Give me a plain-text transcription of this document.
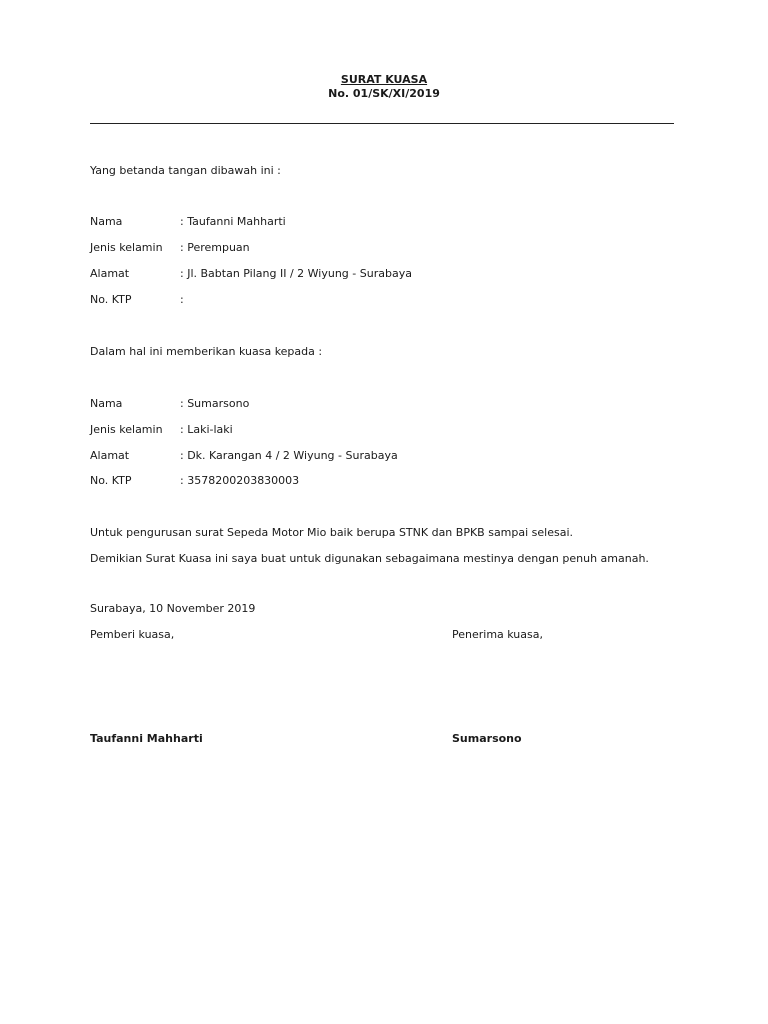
SURAT KUASA
No. 01/SK/XI/2019
Yang betanda tangan dibawah ini :
Nama	: Taufanni Mahharti
Jenis kelamin : Perempuan
Alamat	: Jl. Babtan Pilang II / 2 Wiyung - Surabaya
No. KTP	:
Dalam hal ini memberikan kuasa kepada :
Nama	: Sumarsono
Jenis kelamin : Laki-laki
Alamat	: Dk. Karangan 4 / 2 Wiyung - Surabaya
No. KTP	: 3578200203830003
Untuk pengurusan surat Sepeda Motor Mio baik berupa STNK dan BPKB sampai selesai.
Demikian Surat Kuasa ini saya buat untuk digunakan sebagaimana mestinya dengan penuh amanah.
Surabaya, 10 November 2019
Pemberi kuasa,	Penerima kuasa,
Taufanni Mahharti	Sumarsono
